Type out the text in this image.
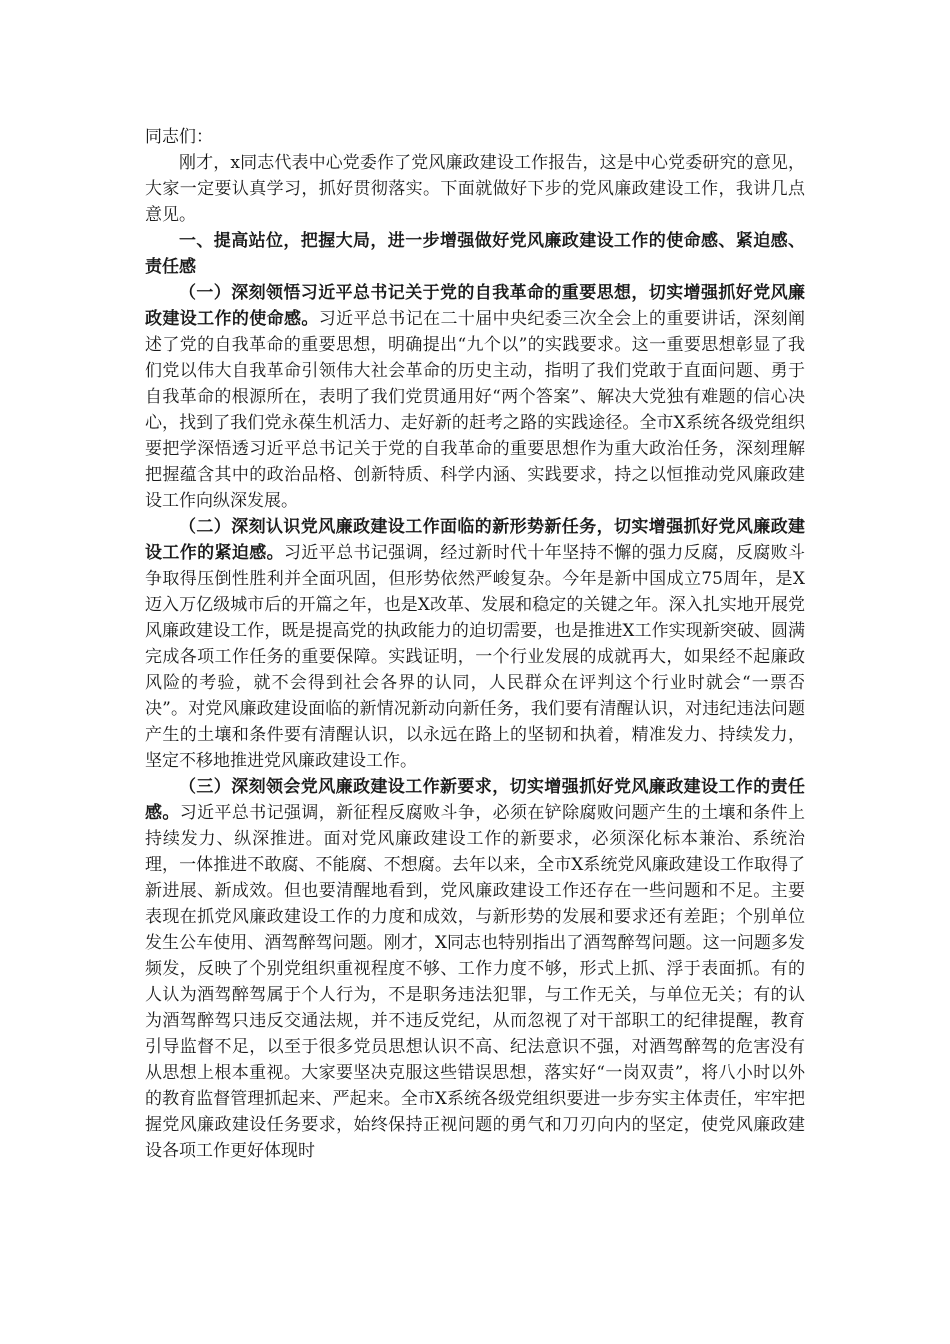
同志们：

刚才，x同志代表中心党委作了党风廉政建设工作报告，这是中心党委研究的意见，大家一定要认真学习，抓好贯彻落实。下面就做好下步的党风廉政建设工作，我讲几点意见。

一、提高站位，把握大局，进一步增强做好党风廉政建设工作的使命感、紧迫感、责任感

（一）深刻领悟习近平总书记关于党的自我革命的重要思想，切实增强抓好党风廉政建设工作的使命感。习近平总书记在二十届中央纪委三次全会上的重要讲话，深刻阐述了党的自我革命的重要思想，明确提出“九个以”的实践要求。这一重要思想彰显了我们党以伟大自我革命引领伟大社会革命的历史主动，指明了我们党敢于直面问题、勇于自我革命的根源所在，表明了我们党贯通用好“两个答案”、解决大党独有难题的信心决心，找到了我们党永葆生机活力、走好新的赶考之路的实践途径。全市X系统各级党组织要把学深悟透习近平总书记关于党的自我革命的重要思想作为重大政治任务，深刻理解把握蕴含其中的政治品格、创新特质、科学内涵、实践要求，持之以恒推动党风廉政建设工作向纵深发展。

（二）深刻认识党风廉政建设工作面临的新形势新任务，切实增强抓好党风廉政建设工作的紧迫感。习近平总书记强调，经过新时代十年坚持不懈的强力反腐，反腐败斗争取得压倒性胜利并全面巩固，但形势依然严峻复杂。今年是新中国成立75周年，是X迈入万亿级城市后的开篇之年，也是X改革、发展和稳定的关键之年。深入扎实地开展党风廉政建设工作，既是提高党的执政能力的迫切需要，也是推进X工作实现新突破、圆满完成各项工作任务的重要保障。实践证明，一个行业发展的成就再大，如果经不起廉政风险的考验，就不会得到社会各界的认同，人民群众在评判这个行业时就会“一票否决”。对党风廉政建设面临的新情况新动向新任务，我们要有清醒认识，对违纪违法问题产生的土壤和条件要有清醒认识，以永远在路上的坚韧和执着，精准发力、持续发力，坚定不移地推进党风廉政建设工作。

（三）深刻领会党风廉政建设工作新要求，切实增强抓好党风廉政建设工作的责任感。习近平总书记强调，新征程反腐败斗争，必须在铲除腐败问题产生的土壤和条件上持续发力、纵深推进。面对党风廉政建设工作的新要求，必须深化标本兼治、系统治理，一体推进不敢腐、不能腐、不想腐。去年以来，全市X系统党风廉政建设工作取得了新进展、新成效。但也要清醒地看到，党风廉政建设工作还存在一些问题和不足。主要表现在抓党风廉政建设工作的力度和成效，与新形势的发展和要求还有差距；个别单位发生公车使用、酒驾醉驾问题。刚才，X同志也特别指出了酒驾醉驾问题。这一问题多发频发，反映了个别党组织重视程度不够、工作力度不够，形式上抓、浮于表面抓。有的人认为酒驾醉驾属于个人行为，不是职务违法犯罪，与工作无关，与单位无关；有的认为酒驾醉驾只违反交通法规，并不违反党纪，从而忽视了对干部职工的纪律提醒，教育引导监督不足，以至于很多党员思想认识不高、纪法意识不强，对酒驾醉驾的危害没有从思想上根本重视。大家要坚决克服这些错误思想，落实好“一岗双责”，将八小时以外的教育监督管理抓起来、严起来。全市X系统各级党组织要进一步夯实主体责任，牢牢把握党风廉政建设任务要求，始终保持正视问题的勇气和刀刃向内的坚定，使党风廉政建设各项工作更好体现时
